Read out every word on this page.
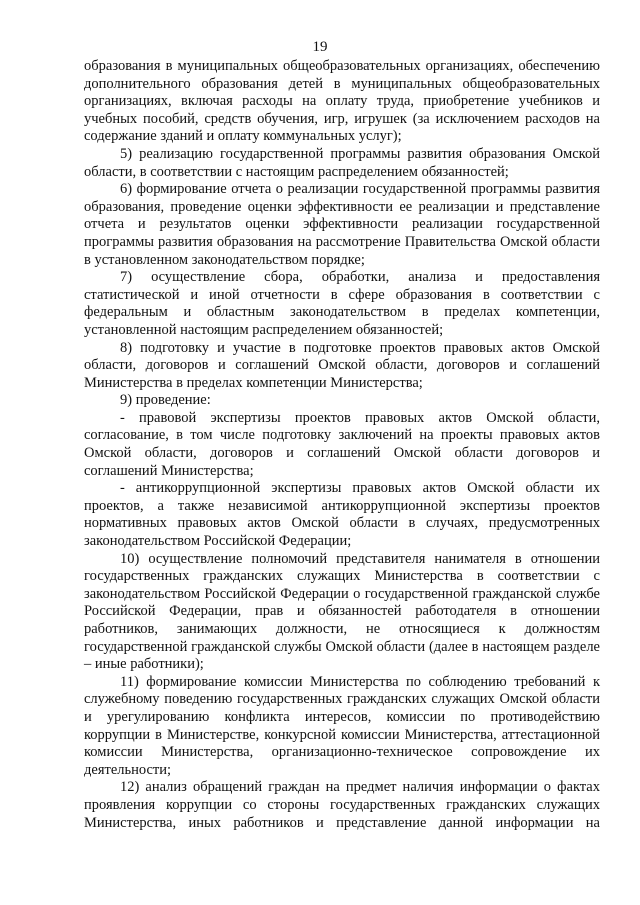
19

образования в муниципальных общеобразовательных организациях, обеспечению дополнительного образования детей в муниципальных общеобразовательных организациях, включая расходы на оплату труда, приобретение учебников и учебных пособий, средств обучения, игр, игрушек (за исключением расходов на содержание зданий и оплату коммунальных услуг);

5) реализацию государственной программы развития образования Омской области, в соответствии с настоящим распределением обязанностей;

6) формирование отчета о реализации государственной программы развития образования, проведение оценки эффективности ее реализации и представление отчета и результатов оценки эффективности реализации государственной программы развития образования на рассмотрение Правительства Омской области в установленном законодательством порядке;

7) осуществление сбора, обработки, анализа и предоставления статистической и иной отчетности в сфере образования в соответствии с федеральным и областным законодательством в пределах компетенции, установленной настоящим распределением обязанностей;

8) подготовку и участие в подготовке проектов правовых актов Омской области, договоров и соглашений Омской области, договоров и соглашений Министерства в пределах компетенции Министерства;

9) проведение:

- правовой экспертизы проектов правовых актов Омской области, согласование, в том числе подготовку заключений на проекты правовых актов Омской области, договоров и соглашений Омской области договоров и соглашений Министерства;

- антикоррупционной экспертизы правовых актов Омской области их проектов, а также независимой антикоррупционной экспертизы проектов нормативных правовых актов Омской области в случаях, предусмотренных законодательством Российской Федерации;

10) осуществление полномочий представителя нанимателя в отношении государственных гражданских служащих Министерства в соответствии с законодательством Российской Федерации о государственной гражданской службе Российской Федерации, прав и обязанностей работодателя в отношении работников, занимающих должности, не относящиеся к должностям государственной гражданской службы Омской области (далее в настоящем разделе – иные работники);

11) формирование комиссии Министерства по соблюдению требований к служебному поведению государственных гражданских служащих Омской области и урегулированию конфликта интересов, комиссии по противодействию коррупции в Министерстве, конкурсной комиссии Министерства, аттестационной комиссии Министерства, организационно-техническое сопровождение их деятельности;

12) анализ обращений граждан на предмет наличия информации о фактах проявления коррупции со стороны государственных гражданских служащих Министерства, иных работников и представление данной информации на
